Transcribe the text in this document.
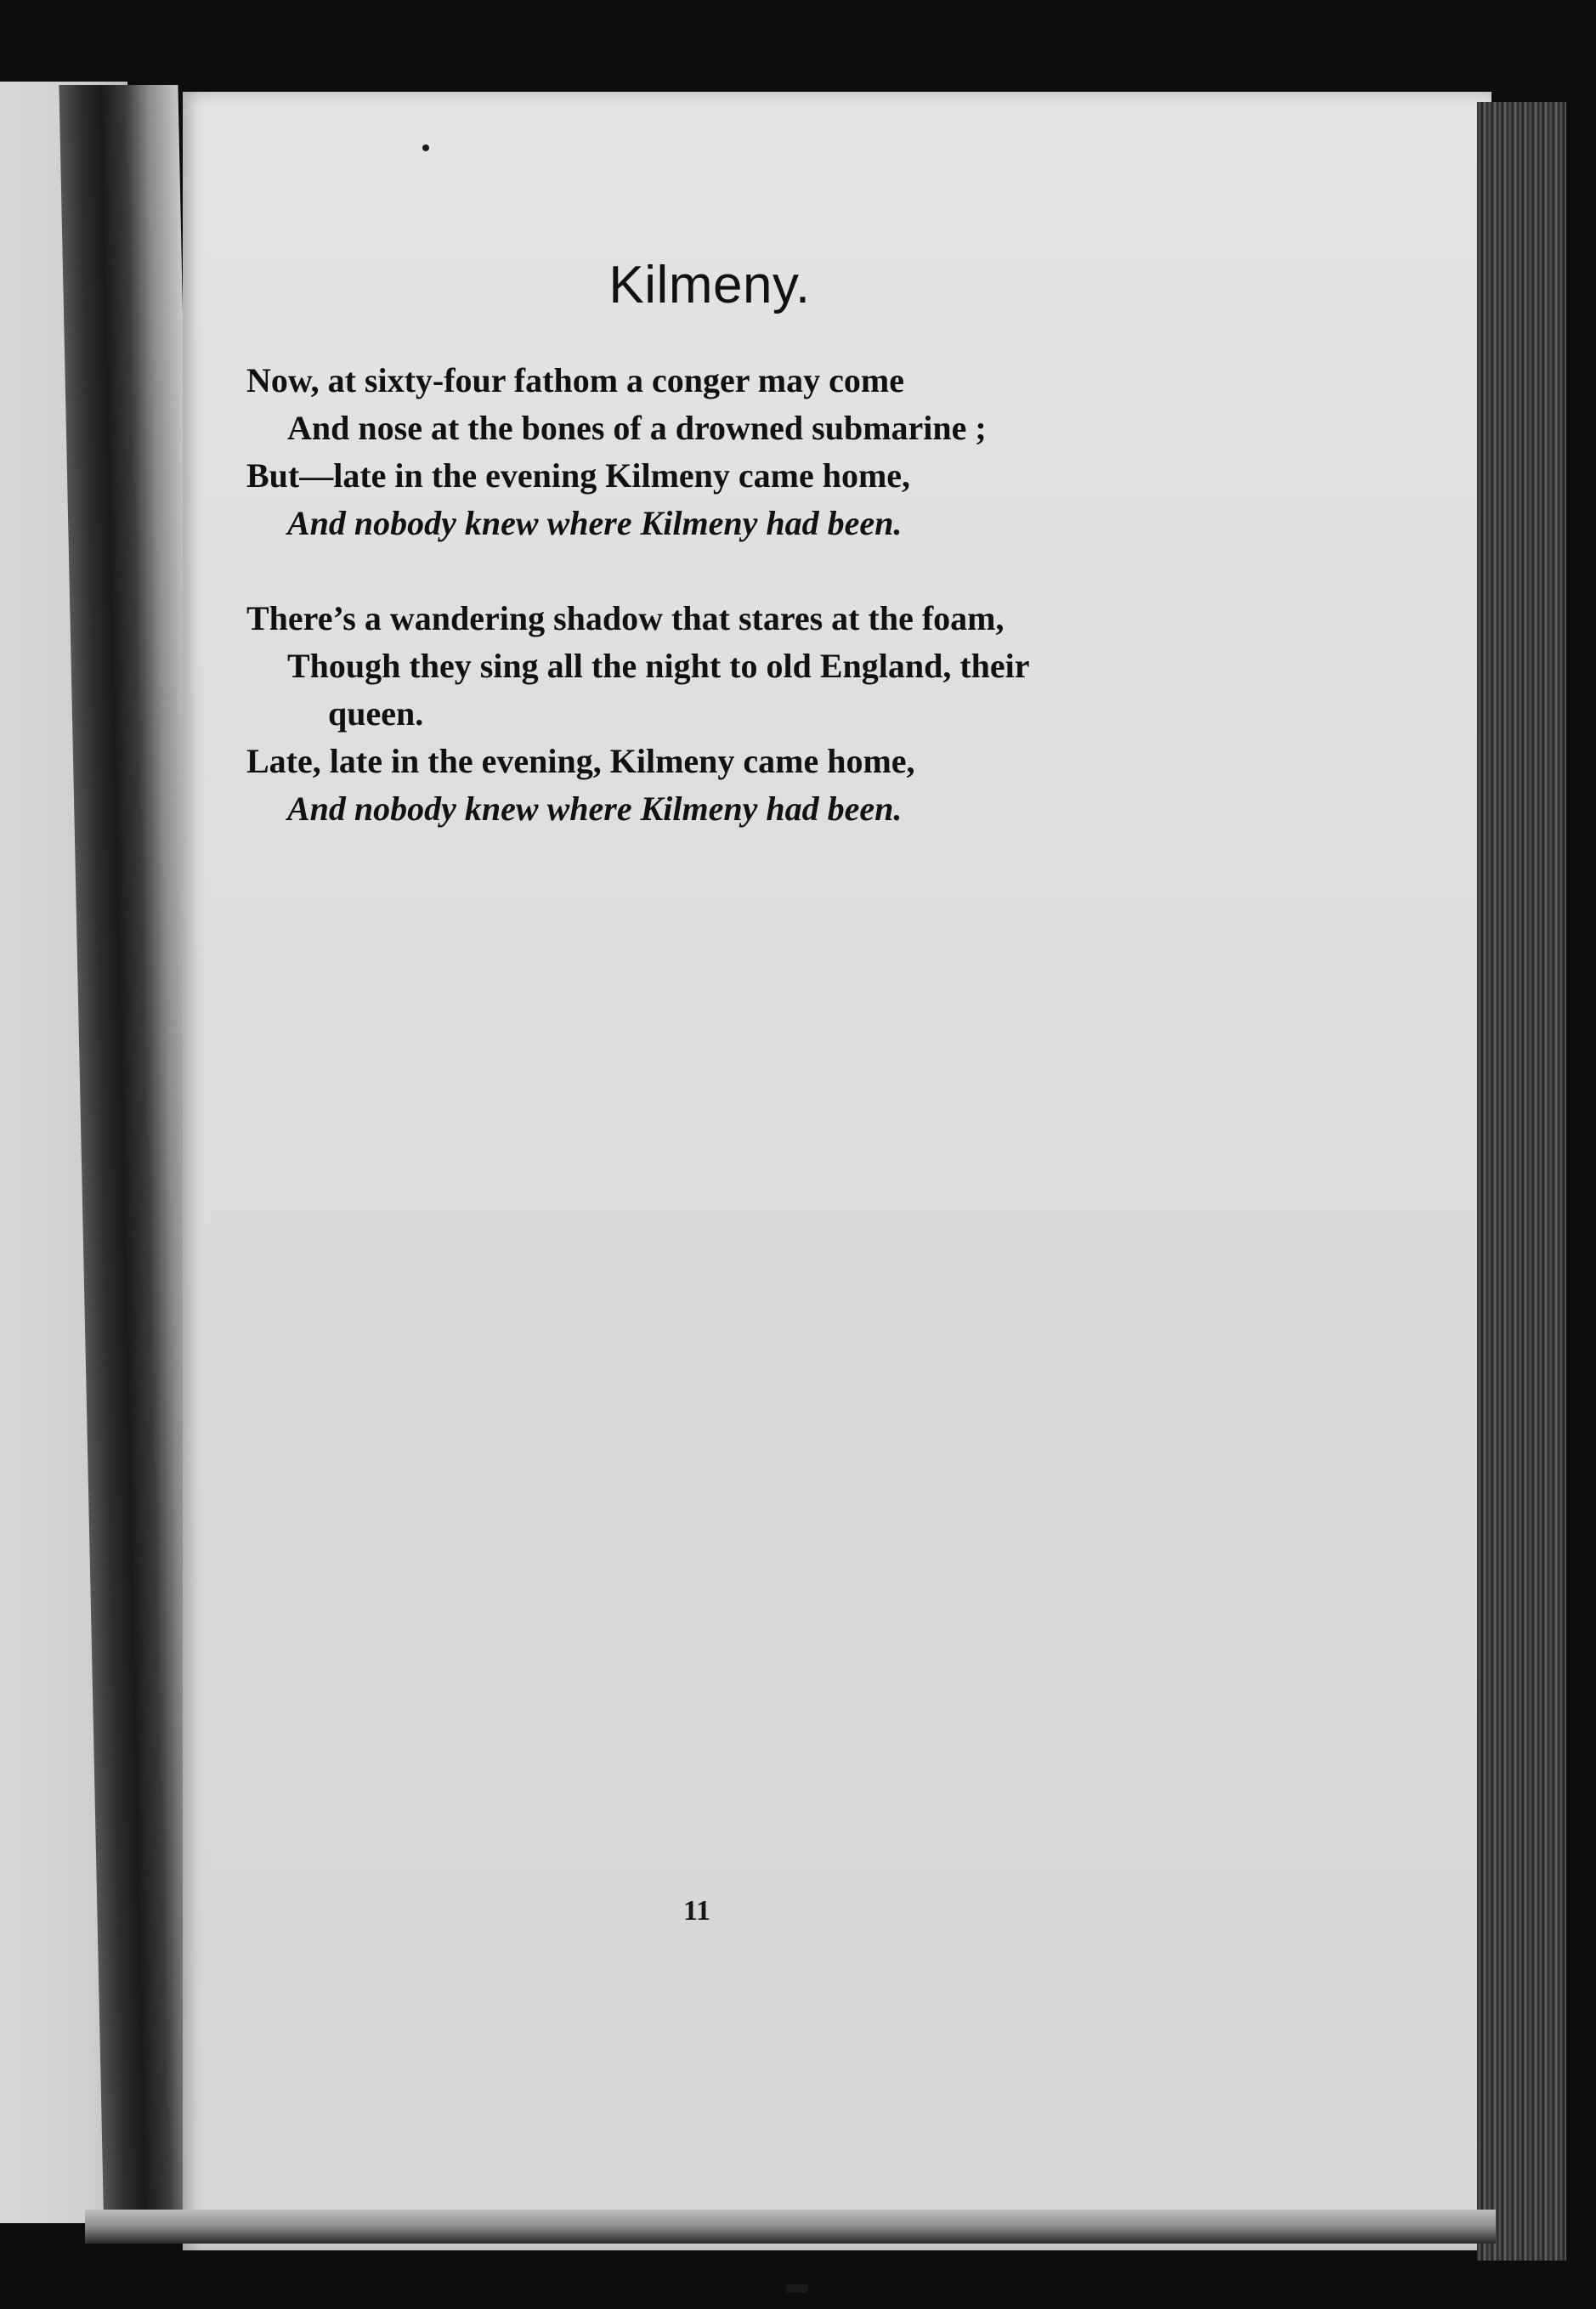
Kilmeny.
Now, at sixty-four fathom a conger may come
And nose at the bones of a drowned submarine ;
But—late in the evening Kilmeny came home,
And nobody knew where Kilmeny had been.
There’s a wandering shadow that stares at the foam,
Though they sing all the night to old England, their
queen.
Late, late in the evening, Kilmeny came home,
And nobody knew where Kilmeny had been.
11
